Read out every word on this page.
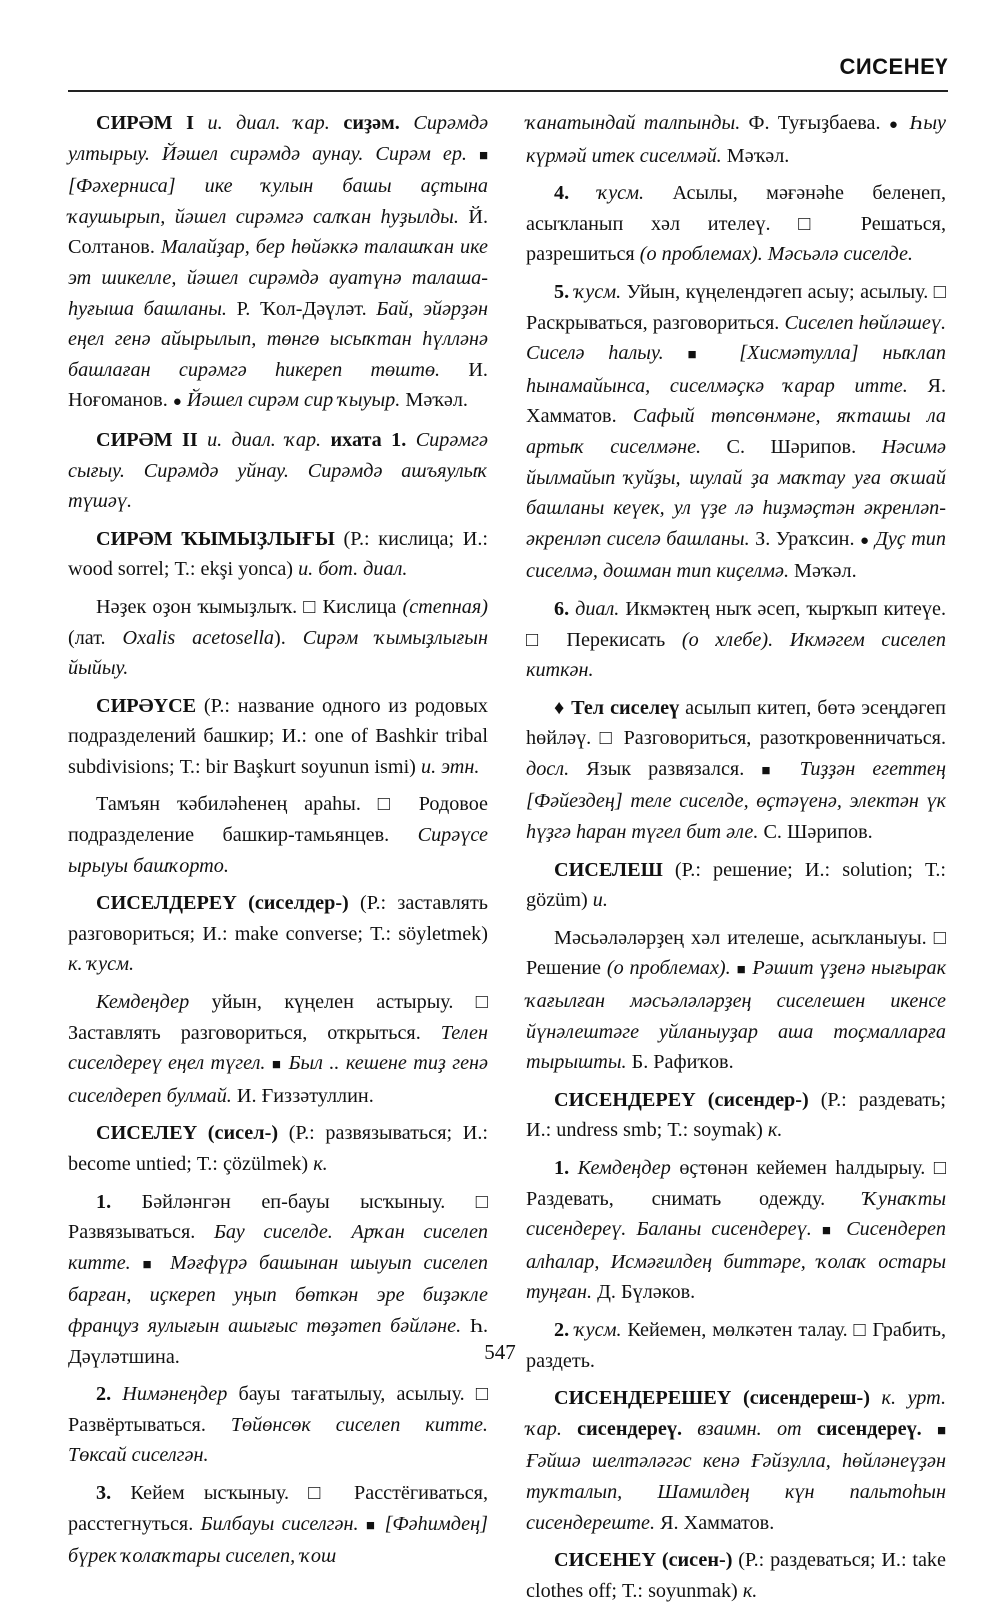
СИСЕНЕҮ

СИРӘМ I и. диал. ҡар. сиҙәм. Сирәмдә ултырыу. Йәшел сирәмдә аунау. Сирәм ер. ■ [Фәхерниса] ике ҡулын башы аҫтына ҡаушырып, йәшел сирәмгә салҡан һуҙылды. Й. Солтанов. Малайҙар, бер һөйәккә талашҡан ике эт шикелле, йәшел сирәмдә ауатүнә талаша-һуғыша башланы. Р. Ҡол-Дәүләт. Бай, эйәрҙән еңел генә айырылып, төнгө ысыҡтан һүлләнә башлаған сирәмгә һикереп төштө. И. Ноғоманов. ● Йәшел сирәм сир ҡыуыр. Мәҡәл.

СИРӘМ II и. диал. ҡар. ихата 1. Сирәмгә сығыу. Сирәмдә уйнау. Сирәмдә ашъяулыҡ түшәү.

СИРӘМ ҠЫМЫҘЛЫҒЫ (Р.: кислица; И.: wood sorrel; Т.: ekşi yonca) и. бот. диал.

Нәҙек оҙон ҡымыҙлыҡ. □ Кислица (степная) (лат. Oxalis acetosella). Сирәм ҡымыҙлығын йыйыу.

СИРӘҮСЕ (Р.: название одного из родовых подразделений башкир; И.: one of Bashkir tribal subdivisions; Т.: bir Başkurt soyunun ismi) и. этн.

Тамъян ҡәбиләһенең араһы. □ Родовое подразделение башкир-тамьянцев. Сирәүсе ырыуы башҡорто.

СИСЕЛДЕРЕҮ (сиселдер-) (Р.: заставлять разговориться; И.: make converse; Т.: söyletmek) к. ҡусм.

Кемдеңдер уйын, күңелен астырыу. □ Заставлять разговориться, открыться. Телен сиселдереү еңел түгел. ■ Был .. кешене тиҙ генә сиселдереп булмай. И. Ғиззәтуллин.

СИСЕЛЕҮ (сисел-) (Р.: развязываться; И.: become untied; Т.: çözülmek) к.

1. Бәйләнгән еп-бауы ысҡыныу. □ Развязываться. Бау сиселде. Арҡан сиселеп китте. ■ Мәғфүрә башынан шыуып сиселеп барған, иҫкереп уңып бөткән эре биҙәкле француз яулығын ашығыс төҙәтеп бәйләне. Һ. Дәүләтшина.

2. Нимәнеңдер бауы тағатылыу, асылыу. □ Развёртываться. Төйөнсөк сиселеп китте. Төксай сиселгән.

3. Кейем ысҡыныу. □ Расстёгиваться, расстегнуться. Билбауы сиселгән. ■ [Фәһимдең] бүрек ҡолаҡтары сиселеп, ҡош

ҡанатындай талпынды. Ф. Туғыҙбаева. ● Һыу күрмәй итек сиселмәй. Мәҡәл.

4. ҡусм. Асылы, мәғәнәһе беленеп, асыҡланып хәл ителеү. □ Решаться, разрешиться (о проблемах). Мәсьәлә сиселде.

5. ҡусм. Уйын, күңелендәгеп асыу; асылыу. □ Раскрываться, разговориться. Сиселеп һөйләшеү. Сиселә һалыу. ■ [Хисмәтулла] ныҡлап һынамайынса, сиселмәҫкә ҡарар итте. Я. Хамматов. Сафый төпсөнмәне, яҡташы ла артыҡ сиселмәне. С. Шәрипов. Нәсимә йылмайып ҡуйҙы, шулай ҙа маҡтау уға оҡшай башланы кеүек, ул үҙе лә һиҙмәҫтән әкренләп-әкренләп сиселә башланы. З. Ураҡсин. ● Дуҫ тип сиселмә, дошман тип киҫелмә. Мәҡәл.

6. диал. Икмәктең ныҡ әсеп, ҡырҡып китеүе. □ Перекисать (о хлебе). Икмәгем сиселеп киткән.

♦ Тел сиселеү асылып китеп, бөтә эсеңдәгеп һөйләү. □ Разговориться, разоткровенничаться. досл. Язык развязался. ■ Тиҙҙән егеттең [Фәйездең] теле сиселде, өҫтәүенә, электән үк һүҙгә һаран түгел бит әле. С. Шәрипов.

СИСЕЛЕШ (Р.: решение; И.: solution; Т.: gözüm) и.

Мәсьәләләрҙең хәл ителеше, асыҡланыуы. □ Решение (о проблемах). ■ Рәшит үҙенә нығырак ҡағылған мәсьәләләрҙең сиселешен икенсе йүнәлештәге уйланыуҙар аша тоҫмалларға тырышты. Б. Рафиҡов.

СИСЕНДЕРЕҮ (сисендер-) (Р.: раздевать; И.: undress smb; Т.: soymak) к.

1. Кемдеңдер өҫтөнән кейемен һалдырыу. □ Раздевать, снимать одежду. Ҡунаҡты сисендереү. Баланы сисендереү. ■ Сисендереп алһалар, Исмәғилдең биттәре, ҡолаҡ остары туңған. Д. Бүләков.

2. ҡусм. Кейемен, мөлкәтен талау. □ Грабить, раздеть.

СИСЕНДЕРЕШЕҮ (сисендереш-) к. урт. ҡар. сисендереү. взаимн. от сисендереү. ■ Ғәйшә шелтәләгәс кенә Ғәйзулла, һөйләнеүҙән туҡталып, Шамилдең күн пальтоһын сисендереште. Я. Хамматов.

СИСЕНЕҮ (сисен-) (Р.: раздеваться; И.: take clothes off; Т.: soyunmak) к.

547
